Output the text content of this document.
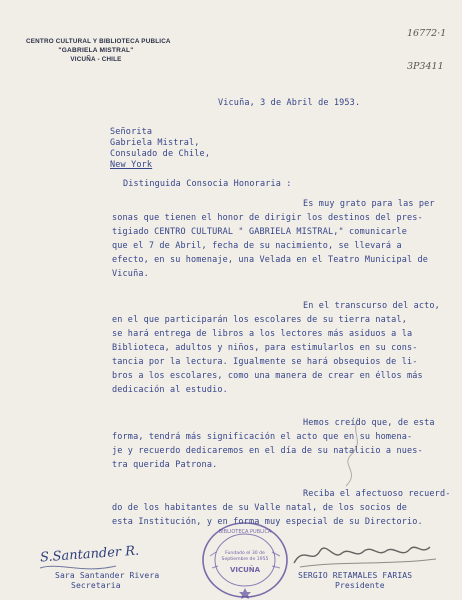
16772·1

3P3411

CENTRO CULTURAL Y BIBLIOTECA PUBLICA
"GABRIELA MISTRAL"
VICUÑA - CHILE
Vicuña, 3 de Abril de 1953.
Señorita
Gabriela Mistral,
Consulado de Chile,
New York
Distinguida Consocia Honoraria :
Es muy grato para las per
sonas que tienen el honor de dirigir los destinos del pres-
tigiado CENTRO CULTURAL " GABRIELA MISTRAL," comunicarle
que el 7 de Abril, fecha de su nacimiento, se llevará a
efecto, en su homenaje, una Velada en el Teatro Municipal de
Vicuña.
En el transcurso del acto,
en el que participarán los escolares de su tierra natal,
se hará entrega de libros a los lectores más asiduos a la
Biblioteca, adultos y niños, para estimularlos en su cons-
tancia por la lectura. Igualmente se hará obsequios de li-
bros a los escolares, como una manera de crear en éllos más
dedicación al estudio.
Hemos creído que, de esta
forma, tendrá más significación el acto que en su homena-
je y recuerdo dedicaremos en el día de su natalicio a nues-
tra querida Patrona.
Reciba el afectuoso recuerd-
do de los habitantes de su Valle natal, de los socios de
esta Institución, y en forma muy especial de su Directorio.
BIBLIOTECA PUBLICA
Fundado el 30 de
Septiembre de 1955
VICUÑA
S.Santander R.
Sara Santander Rivera
Secretaria
SERGIO RETAMALES FARIAS
Presidente
